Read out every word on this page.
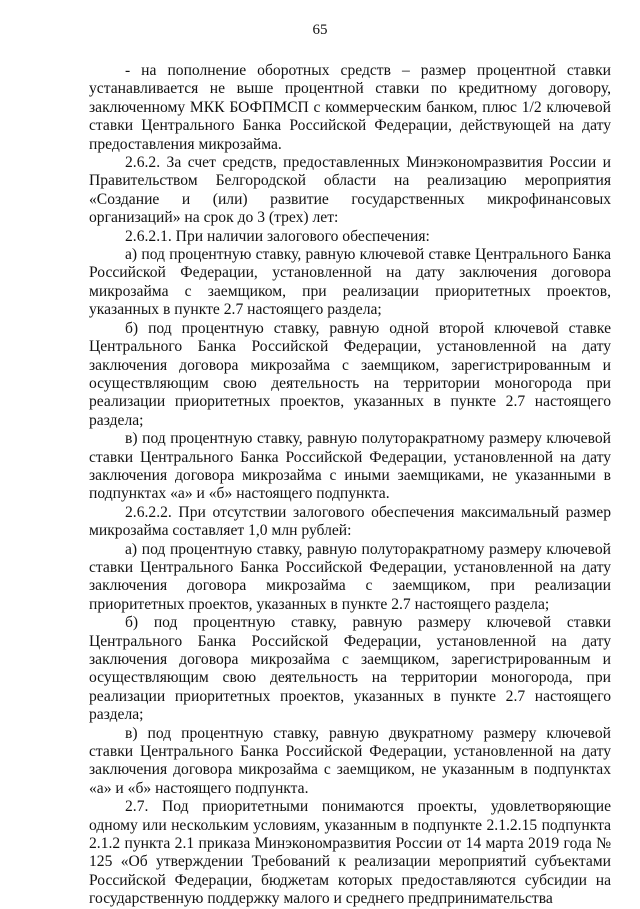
65

- на пополнение оборотных средств – размер процентной ставки устанавливается не выше процентной ставки по кредитному договору, заключенному МКК БОФПМСП с коммерческим банком, плюс 1/2 ключевой ставки Центрального Банка Российской Федерации, действующей на дату предоставления микрозайма.

2.6.2. За счет средств, предоставленных Минэкономразвития России и Правительством Белгородской области на реализацию мероприятия «Создание и (или) развитие государственных микрофинансовых организаций» на срок до 3 (трех) лет:

2.6.2.1. При наличии залогового обеспечения:

а) под процентную ставку, равную ключевой ставке Центрального Банка Российской Федерации, установленной на дату заключения договора микрозайма с заемщиком, при реализации приоритетных проектов, указанных в пункте 2.7 настоящего раздела;

б) под процентную ставку, равную одной второй ключевой ставке Центрального Банка Российской Федерации, установленной на дату заключения договора микрозайма с заемщиком, зарегистрированным и осуществляющим свою деятельность на территории моногорода при реализации приоритетных проектов, указанных в пункте 2.7 настоящего раздела;

в) под процентную ставку, равную полуторакратному размеру ключевой ставки Центрального Банка Российской Федерации, установленной на дату заключения договора микрозайма с иными заемщиками, не указанными в подпунктах «а» и «б» настоящего подпункта.

2.6.2.2. При отсутствии залогового обеспечения максимальный размер микрозайма составляет 1,0 млн рублей:

а) под процентную ставку, равную полуторакратному размеру ключевой ставки Центрального Банка Российской Федерации, установленной на дату заключения договора микрозайма с заемщиком, при реализации приоритетных проектов, указанных в пункте 2.7 настоящего раздела;

б) под процентную ставку, равную размеру ключевой ставки Центрального Банка Российской Федерации, установленной на дату заключения договора микрозайма с заемщиком, зарегистрированным и осуществляющим свою деятельность на территории моногорода, при реализации приоритетных проектов, указанных в пункте 2.7 настоящего раздела;

в) под процентную ставку, равную двукратному размеру ключевой ставки Центрального Банка Российской Федерации, установленной на дату заключения договора микрозайма с заемщиком, не указанным в подпунктах «а» и «б» настоящего подпункта.

2.7. Под приоритетными понимаются проекты, удовлетворяющие одному или нескольким условиям, указанным в подпункте 2.1.2.15 подпункта 2.1.2 пункта 2.1 приказа Минэкономразвития России от 14 марта 2019 года № 125 «Об утверждении Требований к реализации мероприятий субъектами Российской Федерации, бюджетам которых предоставляются субсидии на государственную поддержку малого и среднего предпринимательства
